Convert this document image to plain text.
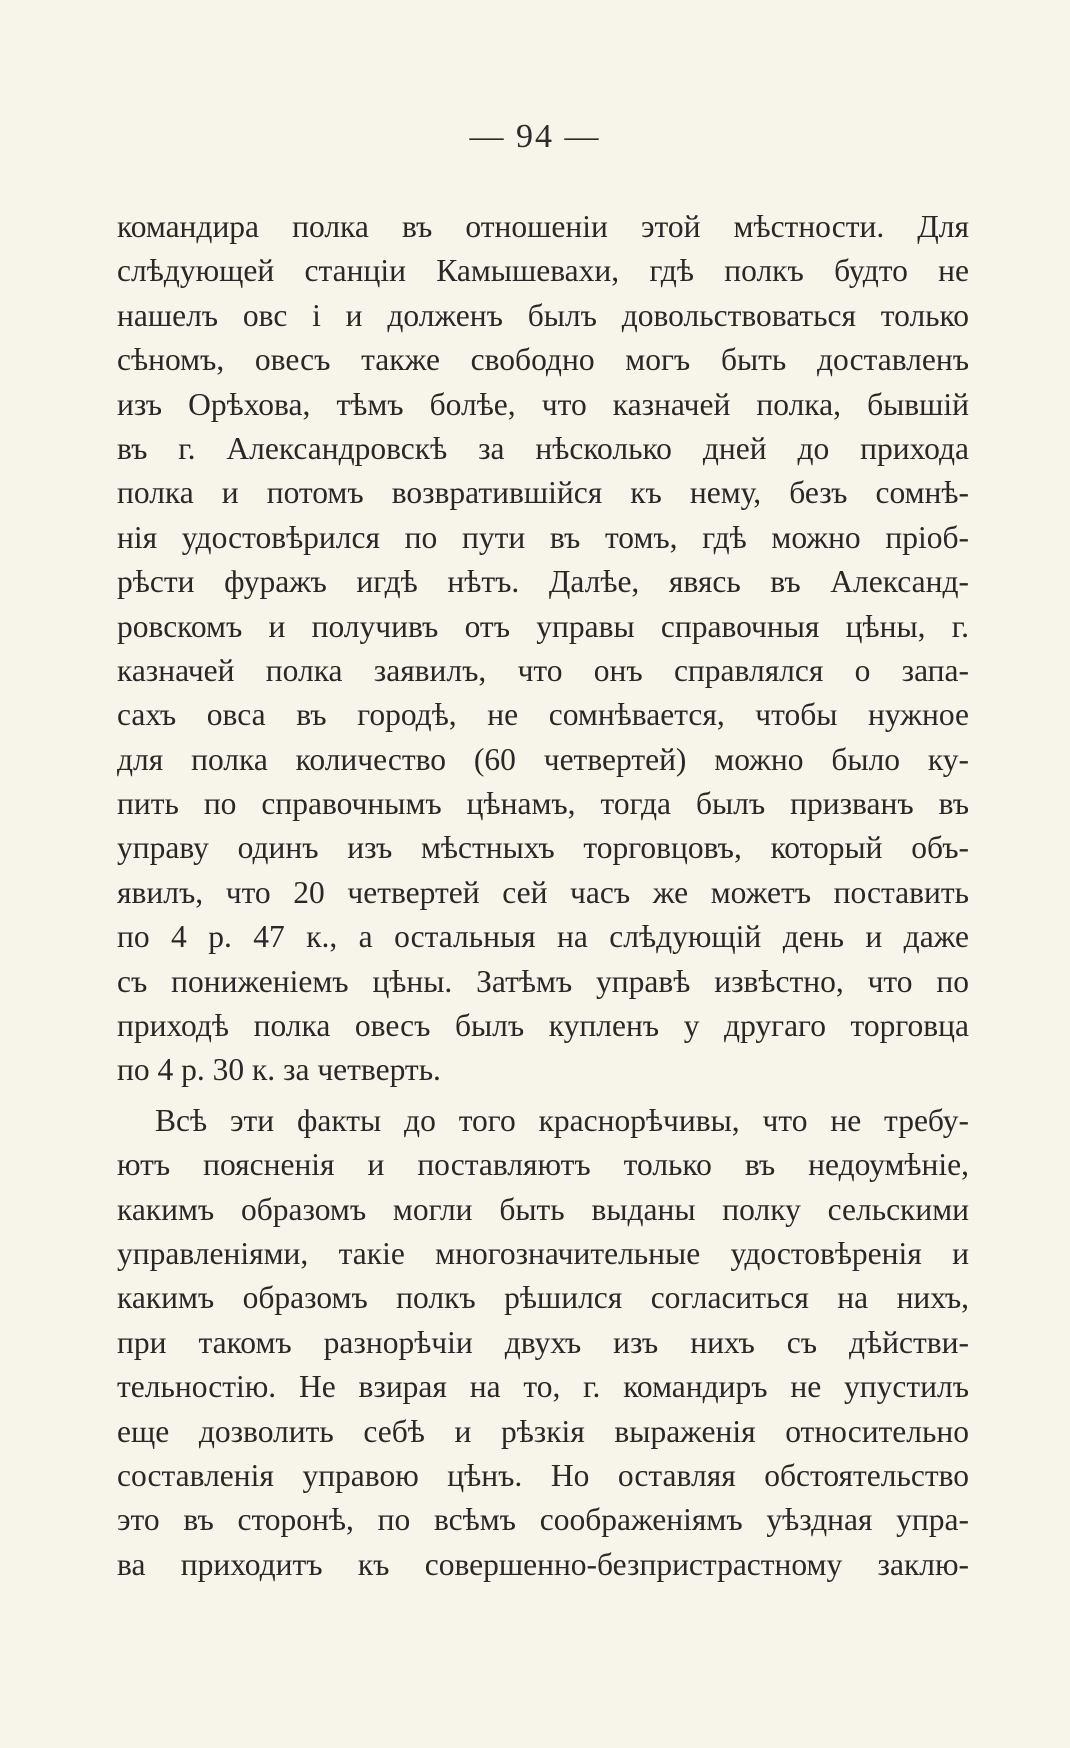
— 94 —
командира полка въ отношенiи этой мѣстности. Для
слѣдующей станцiи Камышевахи, гдѣ полкъ будто не
нашелъ овс і и долженъ былъ довольствоваться только
сѣномъ, овесъ также свободно могъ быть доставленъ
изъ Орѣхова, тѣмъ болѣе, что казначей полка, бывшiй
въ г. Александровскѣ за нѣсколько дней до прихода
полка и потомъ возвратившiйся къ нему, безъ сомнѣ-
нiя удостовѣрился по пути въ томъ, гдѣ можно прiоб-
рѣсти фуражъ игдѣ нѣтъ. Далѣе, явясь въ Александ-
ровскомъ и получивъ отъ управы справочныя цѣны, г.
казначей полка заявилъ, что онъ справлялся о запа-
сахъ овса въ городѣ, не сомнѣвается, чтобы нужное
для полка количество (60 четвертей) можно было ку-
пить по справочнымъ цѣнамъ, тогда былъ призванъ въ
управу одинъ изъ мѣстныхъ торговцовъ, который объ-
явилъ, что 20 четвертей сей часъ же можетъ поставить
по 4 р. 47 к., а остальныя на слѣдующiй день и даже
съ пониженiемъ цѣны. Затѣмъ управѣ извѣстно, что по
приходѣ полка овесъ былъ купленъ у другаго торговца
по 4 р. 30 к. за четверть.
Всѣ эти факты до того краснорѣчивы, что не требу-
ютъ поясненiя и поставляютъ только въ недоумѣнiе,
какимъ образомъ могли быть выданы полку сельскими
управленiями, такiе многозначительные удостовѣренiя и
какимъ образомъ полкъ рѣшился согласиться на нихъ,
при такомъ разнорѣчiи двухъ изъ нихъ съ дѣйстви-
тельностiю. Не взирая на то, г. командиръ не упустилъ
еще дозволить себѣ и рѣзкiя выраженiя относительно
составленiя управою цѣнъ. Но оставляя обстоятельство
это въ сторонѣ, по всѣмъ соображенiямъ уѣздная упра-
ва приходитъ къ совершенно-безпристрастному заклю-
